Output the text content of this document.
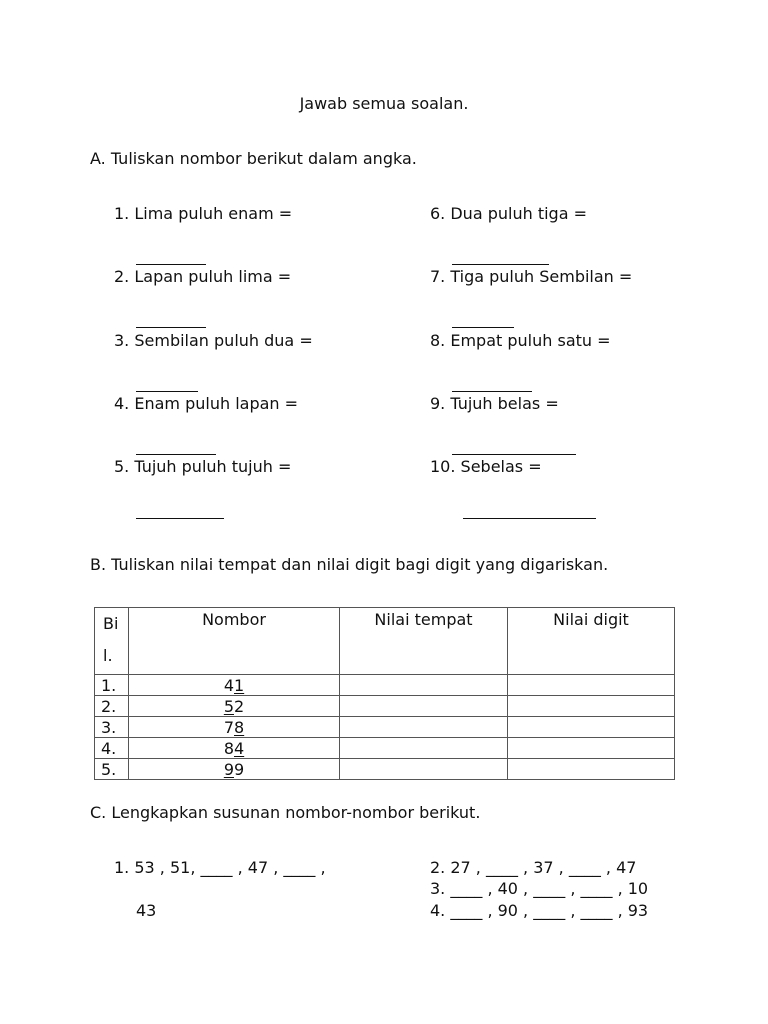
Jawab semua soalan.
A. Tuliskan nombor berikut dalam angka.
1. Lima puluh enam =
2. Lapan puluh lima =
3. Sembilan puluh dua =
4. Enam puluh lapan =
5. Tujuh puluh tujuh =
6. Dua puluh tiga =
7. Tiga puluh Sembilan =
8. Empat puluh satu =
9. Tujuh belas =
10. Sebelas =
B. Tuliskan nilai tempat dan nilai digit bagi digit yang digariskan.
Bi
l.	Nombor	Nilai tempat	Nilai digit
1.	41		
2.	52		
3.	78		
4.	84		
5.	99		
C. Lengkapkan susunan nombor-nombor berikut.
1. 53 , 51, ____ , 47 , ____ ,
43
2. 27 , ____ , 37 , ____ , 47
3. ____ , 40 , ____ , ____ , 10
4. ____ , 90 , ____ , ____ , 93
